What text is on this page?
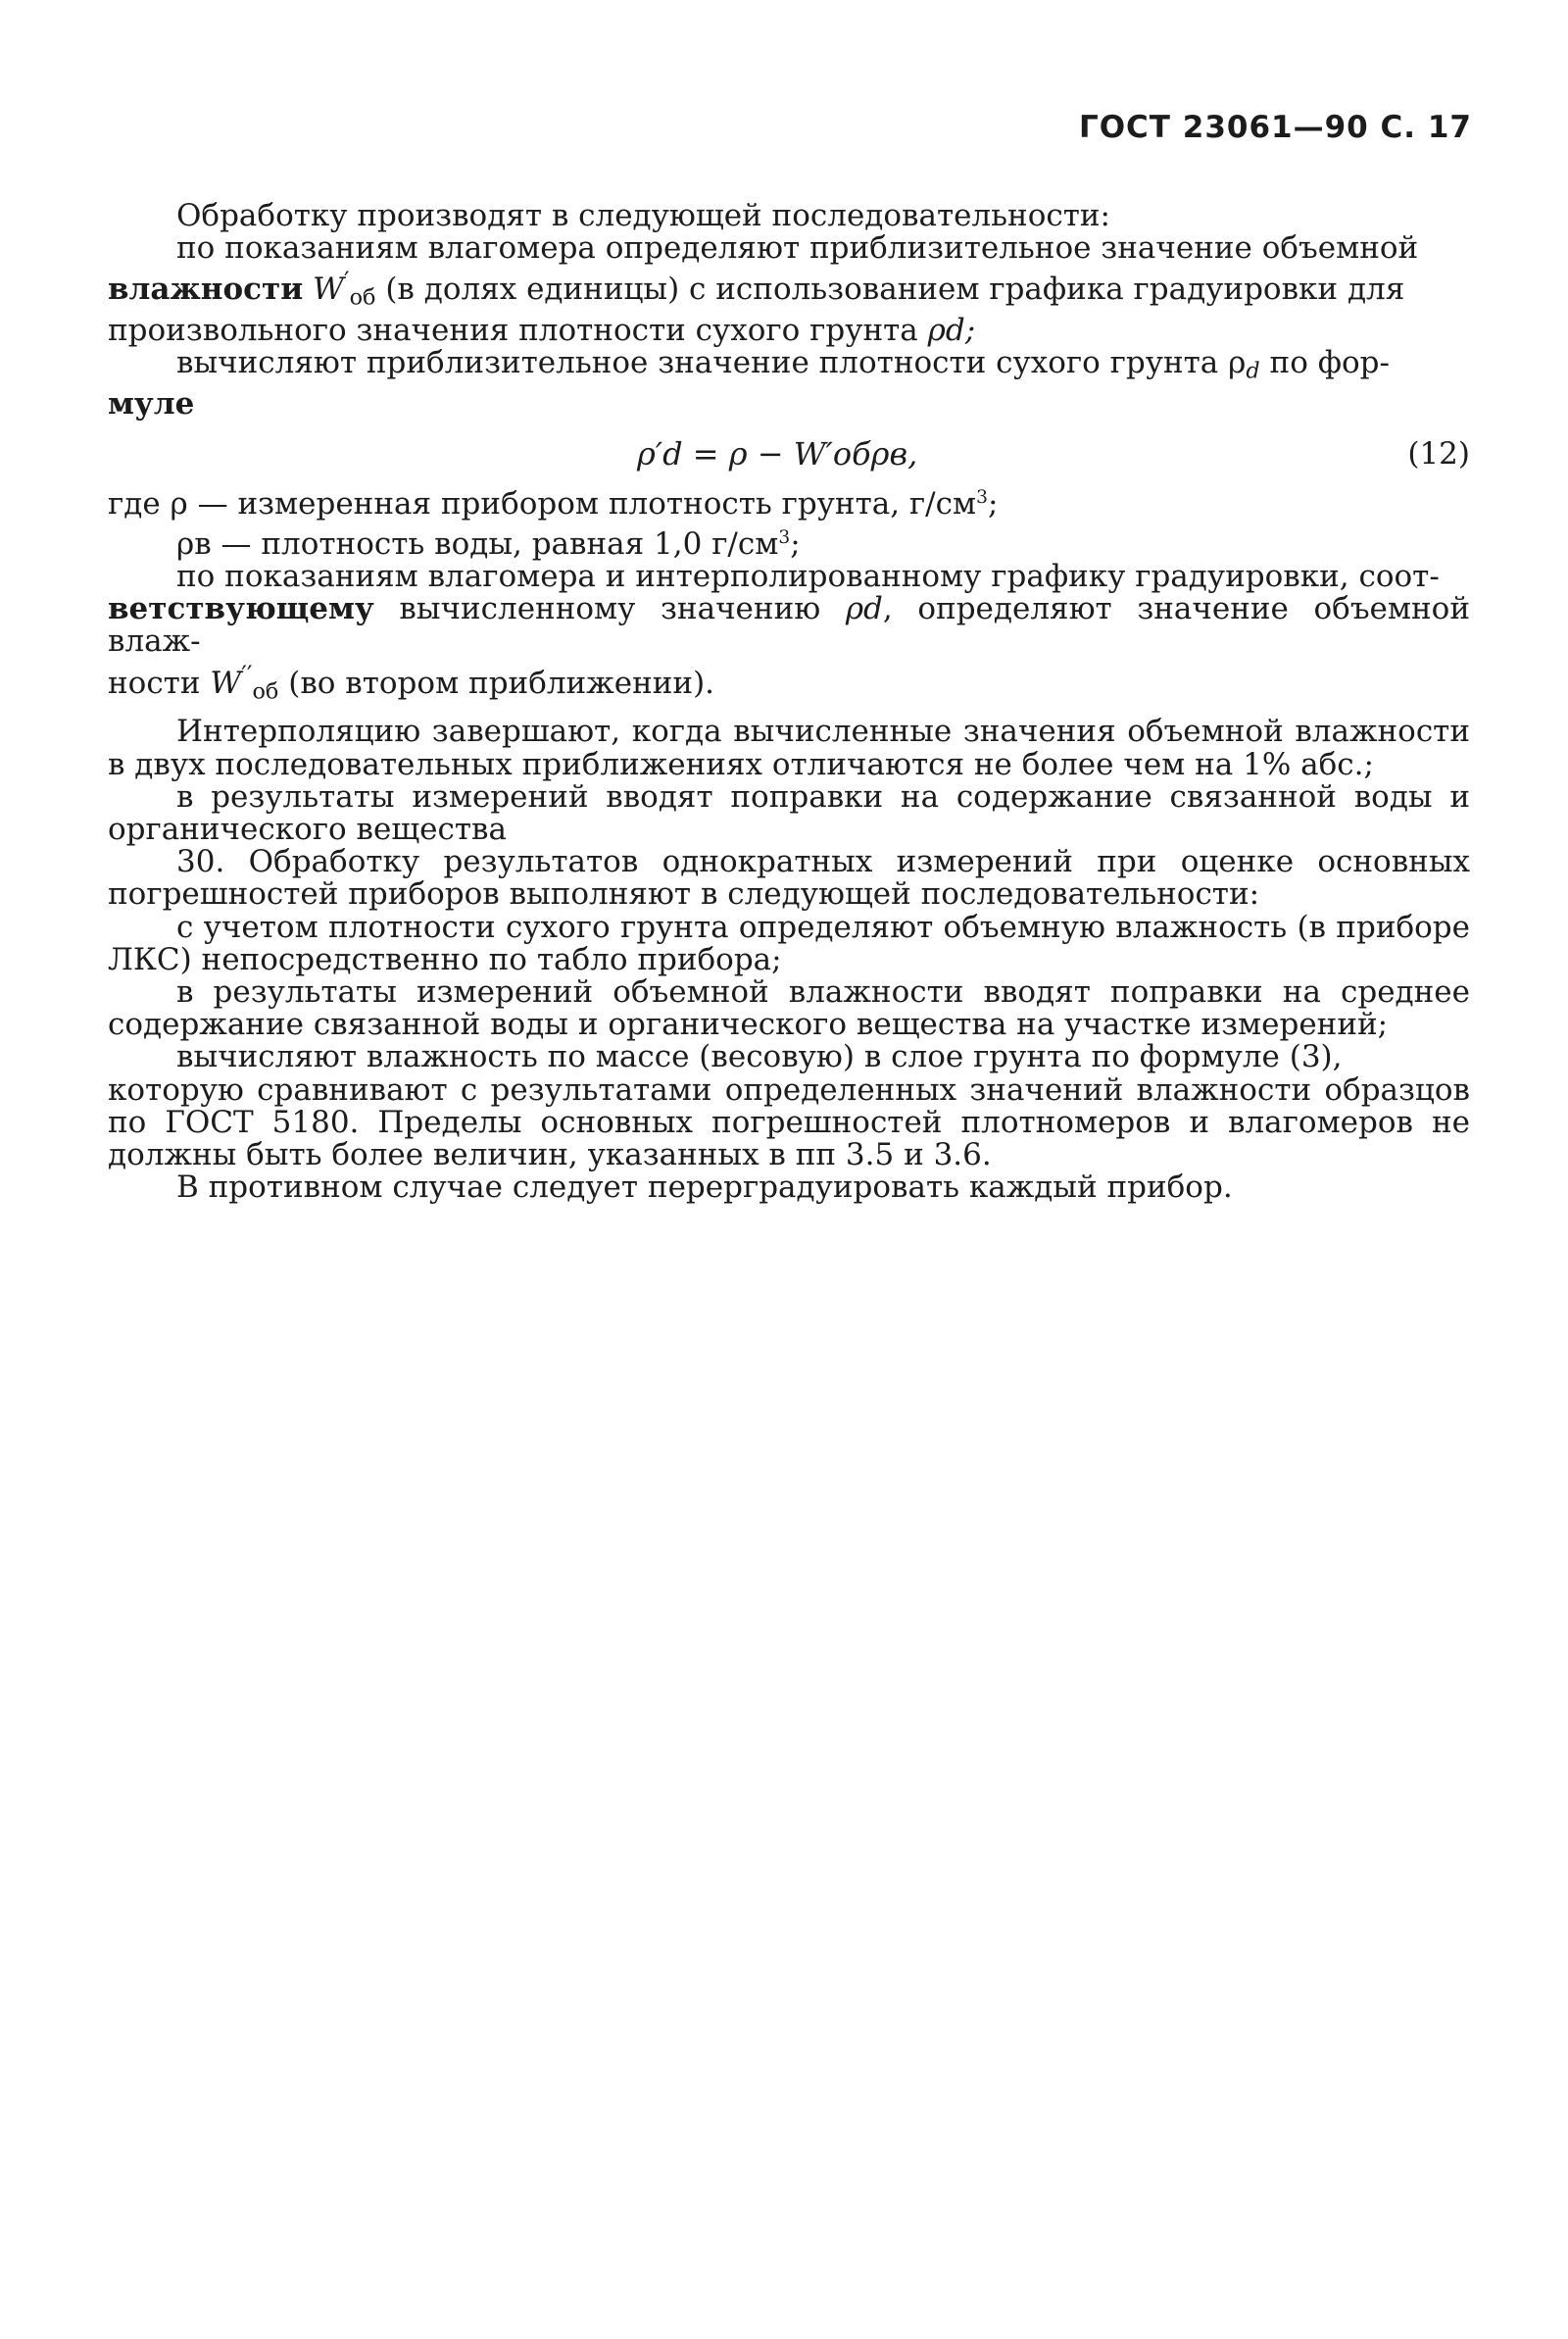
ГОСТ 23061—90 С. 17

Обработку производят в следующей последовательности:

по показаниям влагомера определяют приблизительное значение объемной

влажности W′об (в долях единицы) с использованием графика градуировки для

произвольного значения плотности сухого грунта ρd;

вычисляют приблизительное значение плотности сухого грунта ρd по фор-

муле

ρ′d = ρ − W′обρв,	(12)

где ρ — измеренная прибором плотность грунта, $г/см^3$;

ρв — плотность воды, равная 1,0 $г/см^3$;

по показаниям влагомера и интерполированному графику градуировки, соот-

ветствующему вычисленному значению ρd, определяют значение объемной влаж-

ности W′′об (во втором приближении).

Интерполяцию завершают, когда вычисленные значения объемной влажности в двух последовательных приближениях отличаются не более чем на 1% абс.;

в результаты измерений вводят поправки на содержание связанной воды и органического вещества

30. Обработку результатов однократных измерений при оценке основных погрешностей приборов выполняют в следующей последовательности:

с учетом плотности сухого грунта определяют объемную влажность (в приборе ЛКС) непосредственно по табло прибора;

в результаты измерений объемной влажности вводят поправки на среднее содержание связанной воды и органического вещества на участке измерений;

вычисляют влажность по массе (весовую) в слое грунта по формуле (3),

которую сравнивают с результатами определенных значений влажности образцов по ГОСТ 5180. Пределы основных погрешностей плотномеров и влагомеров не должны быть более величин, указанных в пп 3.5 и 3.6.

В противном случае следует перерградуировать каждый прибор.
